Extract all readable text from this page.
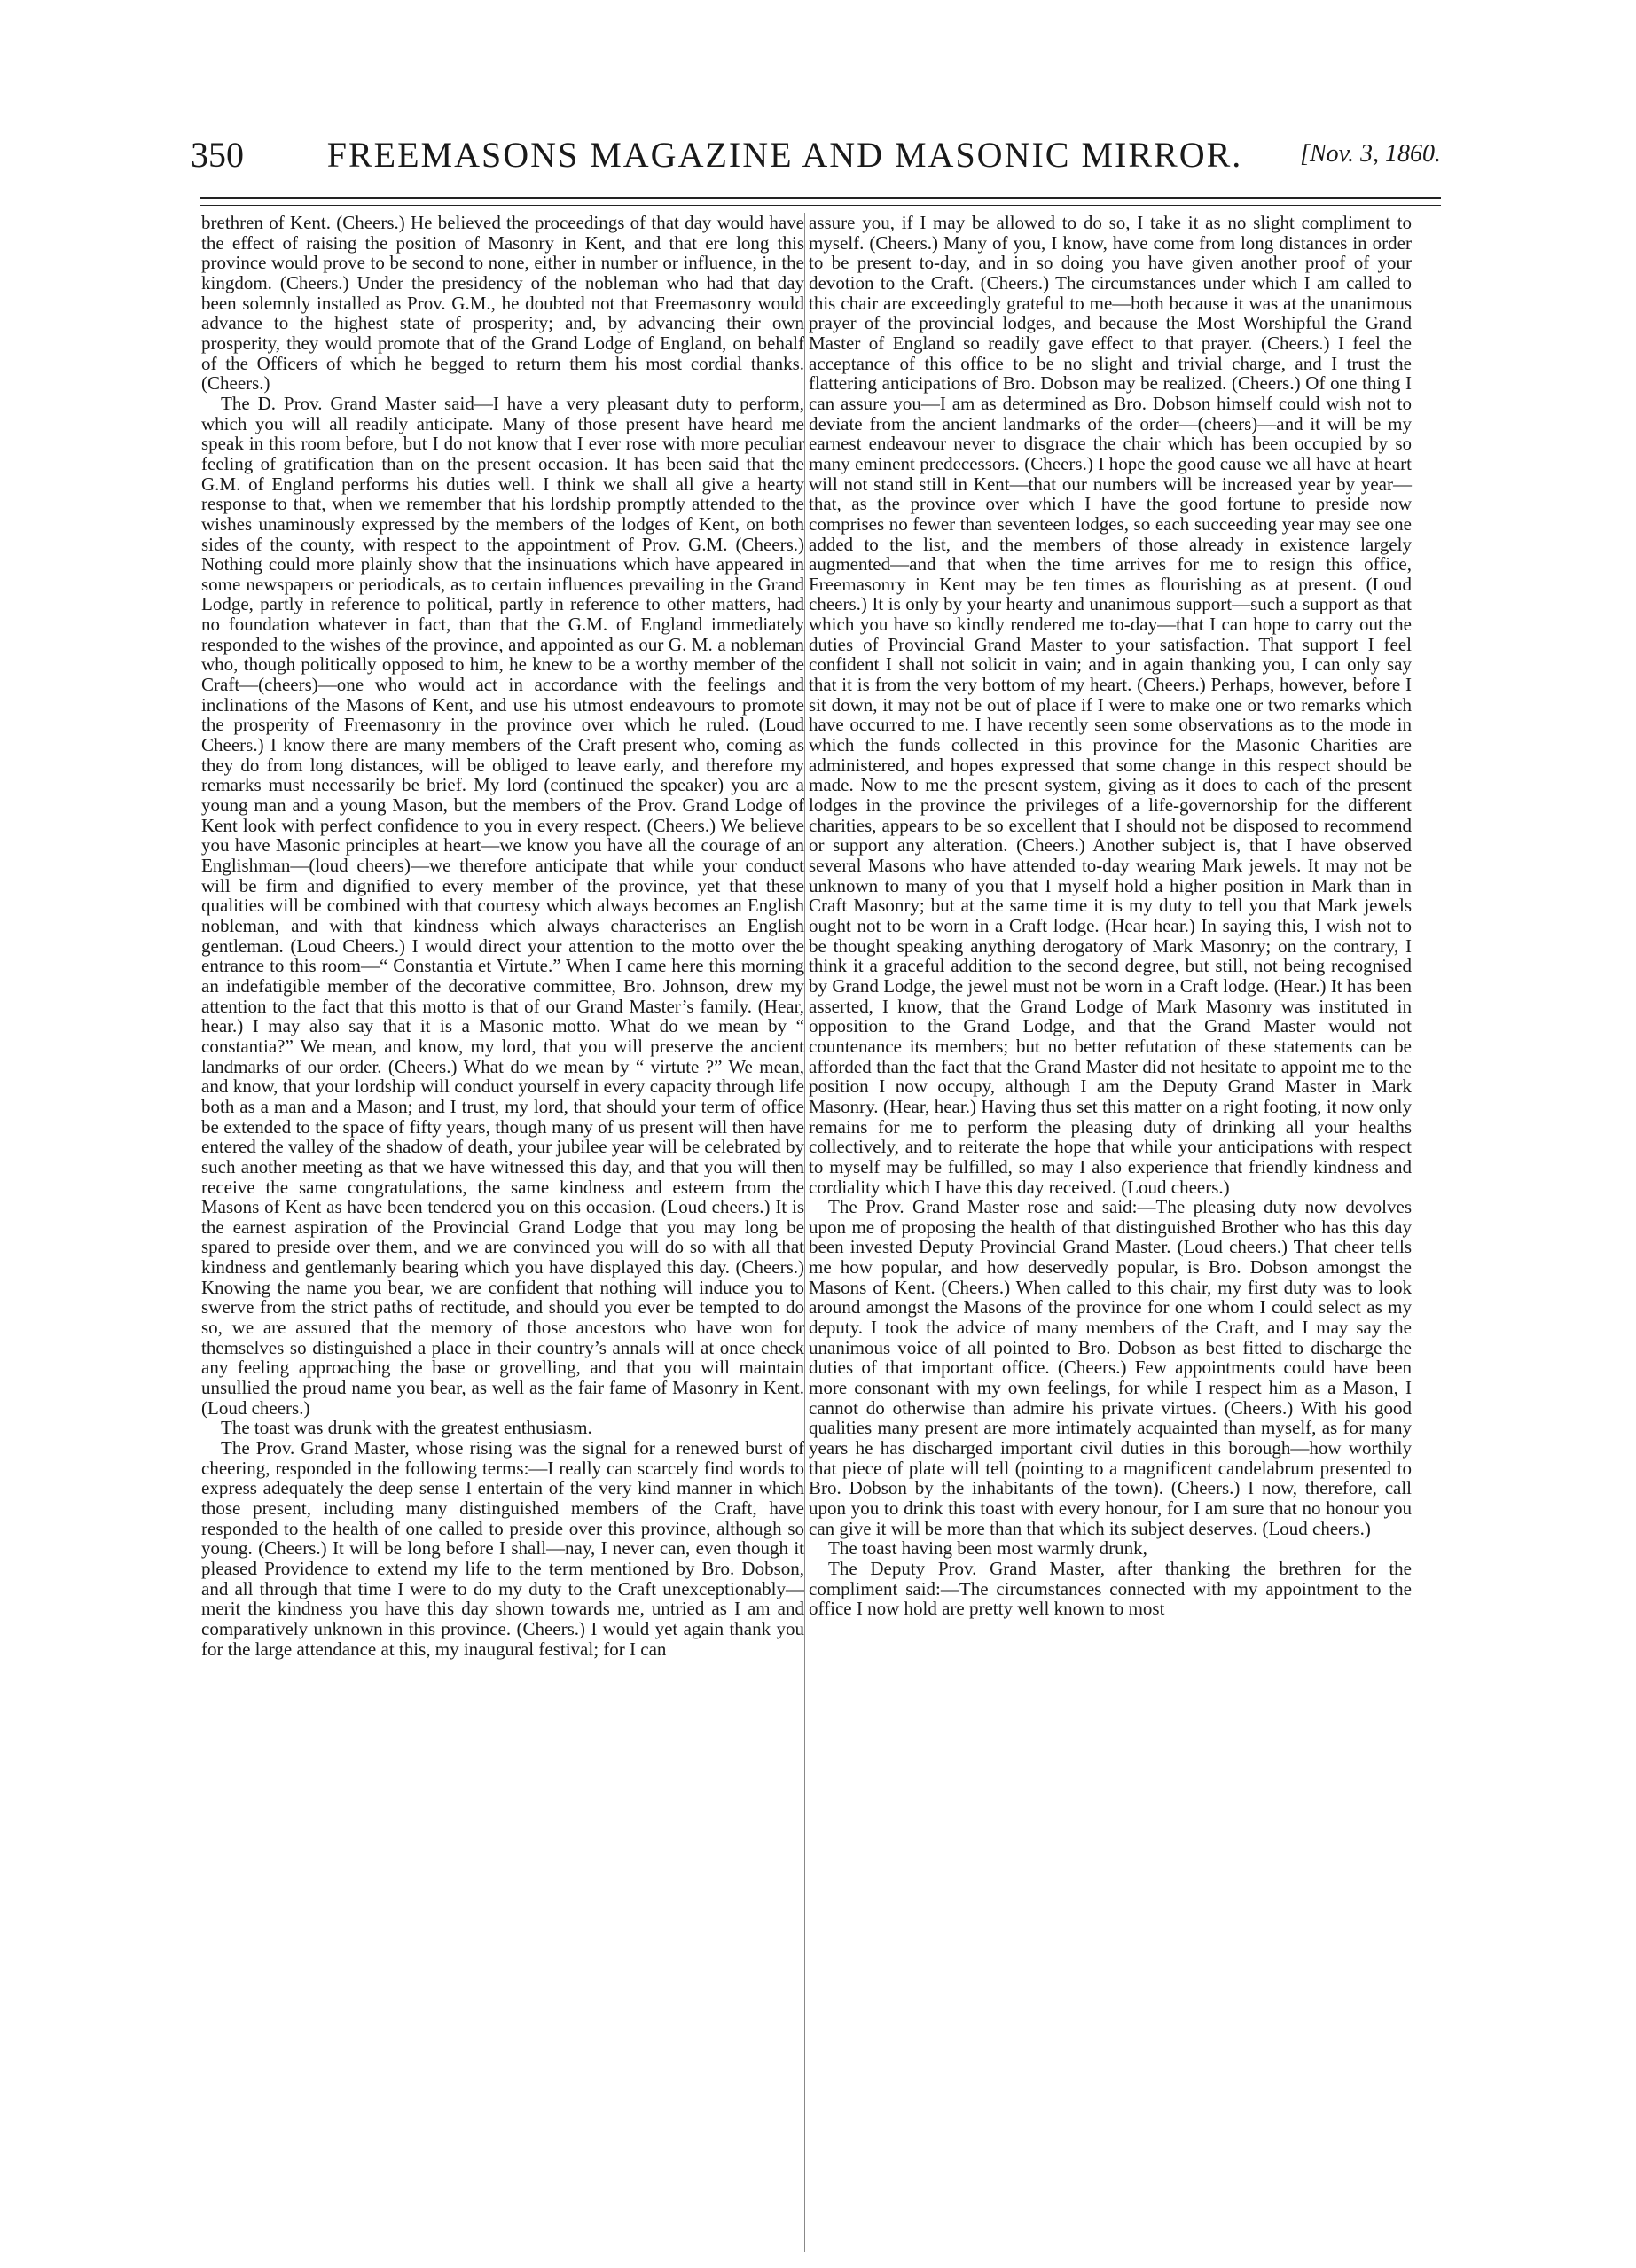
350	FREEMASONS MAGAZINE AND MASONIC MIRROR.	[Nov. 3, 1860.

brethren of Kent. (Cheers.) He believed the proceedings of that day would have the effect of raising the position of Masonry in Kent, and that ere long this province would prove to be second to none, either in number or influence, in the kingdom. (Cheers.) Under the presidency of the nobleman who had that day been solemnly installed as Prov. G.M., he doubted not that Freemasonry would advance to the highest state of prosperity; and, by advancing their own prosperity, they would promote that of the Grand Lodge of England, on behalf of the Officers of which he begged to return them his most cordial thanks. (Cheers.)

The D. Prov. Grand Master said—I have a very pleasant duty to perform, which you will all readily anticipate. Many of those present have heard me speak in this room before, but I do not know that I ever rose with more peculiar feeling of gratification than on the present occasion. It has been said that the G.M. of England performs his duties well. I think we shall all give a hearty response to that, when we remember that his lordship promptly attended to the wishes unaminously expressed by the members of the lodges of Kent, on both sides of the county, with respect to the appointment of Prov. G.M. (Cheers.) Nothing could more plainly show that the insinuations which have appeared in some newspapers or periodicals, as to certain influences prevailing in the Grand Lodge, partly in reference to political, partly in reference to other matters, had no foundation whatever in fact, than that the G.M. of England immediately responded to the wishes of the province, and appointed as our G. M. a nobleman who, though politically opposed to him, he knew to be a worthy member of the Craft—(cheers)—one who would act in accordance with the feelings and inclinations of the Masons of Kent, and use his utmost endeavours to promote the prosperity of Freemasonry in the province over which he ruled. (Loud Cheers.) I know there are many members of the Craft present who, coming as they do from long distances, will be obliged to leave early, and therefore my remarks must necessarily be brief. My lord (continued the speaker) you are a young man and a young Mason, but the members of the Prov. Grand Lodge of Kent look with perfect confidence to you in every respect. (Cheers.) We believe you have Masonic principles at heart—we know you have all the courage of an Englishman—(loud cheers)—we therefore anticipate that while your conduct will be firm and dignified to every member of the province, yet that these qualities will be combined with that courtesy which always becomes an English nobleman, and with that kindness which always characterises an English gentleman. (Loud Cheers.) I would direct your attention to the motto over the entrance to this room—“ Constantia et Virtute.” When I came here this morning an indefatigible member of the decorative committee, Bro. Johnson, drew my attention to the fact that this motto is that of our Grand Master’s family. (Hear, hear.) I may also say that it is a Masonic motto. What do we mean by “ constantia?” We mean, and know, my lord, that you will preserve the ancient landmarks of our order. (Cheers.) What do we mean by “ virtute ?” We mean, and know, that your lordship will conduct yourself in every capacity through life both as a man and a Mason; and I trust, my lord, that should your term of office be extended to the space of fifty years, though many of us present will then have entered the valley of the shadow of death, your jubilee year will be celebrated by such another meeting as that we have witnessed this day, and that you will then receive the same congratulations, the same kindness and esteem from the Masons of Kent as have been tendered you on this occasion. (Loud cheers.) It is the earnest aspiration of the Provincial Grand Lodge that you may long be spared to preside over them, and we are convinced you will do so with all that kindness and gentlemanly bearing which you have displayed this day. (Cheers.) Knowing the name you bear, we are confident that nothing will induce you to swerve from the strict paths of rectitude, and should you ever be tempted to do so, we are assured that the memory of those ancestors who have won for themselves so distinguished a place in their country’s annals will at once check any feeling approaching the base or grovelling, and that you will maintain unsullied the proud name you bear, as well as the fair fame of Masonry in Kent. (Loud cheers.)

The toast was drunk with the greatest enthusiasm.

The Prov. Grand Master, whose rising was the signal for a renewed burst of cheering, responded in the following terms:—I really can scarcely find words to express adequately the deep sense I entertain of the very kind manner in which those present, including many distinguished members of the Craft, have responded to the health of one called to preside over this province, although so young. (Cheers.) It will be long before I shall—nay, I never can, even though it pleased Providence to extend my life to the term mentioned by Bro. Dobson, and all through that time I were to do my duty to the Craft unexceptionably—merit the kindness you have this day shown towards me, untried as I am and comparatively unknown in this province. (Cheers.) I would yet again thank you for the large attendance at this, my inaugural festival; for I can

assure you, if I may be allowed to do so, I take it as no slight compliment to myself. (Cheers.) Many of you, I know, have come from long distances in order to be present to-day, and in so doing you have given another proof of your devotion to the Craft. (Cheers.) The circumstances under which I am called to this chair are exceedingly grateful to me—both because it was at the unanimous prayer of the provincial lodges, and because the Most Worshipful the Grand Master of England so readily gave effect to that prayer. (Cheers.) I feel the acceptance of this office to be no slight and trivial charge, and I trust the flattering anticipations of Bro. Dobson may be realized. (Cheers.) Of one thing I can assure you—I am as determined as Bro. Dobson himself could wish not to deviate from the ancient landmarks of the order—(cheers)—and it will be my earnest endeavour never to disgrace the chair which has been occupied by so many eminent predecessors. (Cheers.) I hope the good cause we all have at heart will not stand still in Kent—that our numbers will be increased year by year—that, as the province over which I have the good fortune to preside now comprises no fewer than seventeen lodges, so each succeeding year may see one added to the list, and the members of those already in existence largely augmented—and that when the time arrives for me to resign this office, Freemasonry in Kent may be ten times as flourishing as at present. (Loud cheers.) It is only by your hearty and unanimous support—such a support as that which you have so kindly rendered me to-day—that I can hope to carry out the duties of Provincial Grand Master to your satisfaction. That support I feel confident I shall not solicit in vain; and in again thanking you, I can only say that it is from the very bottom of my heart. (Cheers.) Perhaps, however, before I sit down, it may not be out of place if I were to make one or two remarks which have occurred to me. I have recently seen some observations as to the mode in which the funds collected in this province for the Masonic Charities are administered, and hopes expressed that some change in this respect should be made. Now to me the present system, giving as it does to each of the present lodges in the province the privileges of a life-governorship for the different charities, appears to be so excellent that I should not be disposed to recommend or support any alteration. (Cheers.) Another subject is, that I have observed several Masons who have attended to-day wearing Mark jewels. It may not be unknown to many of you that I myself hold a higher position in Mark than in Craft Masonry; but at the same time it is my duty to tell you that Mark jewels ought not to be worn in a Craft lodge. (Hear hear.) In saying this, I wish not to be thought speaking anything derogatory of Mark Masonry; on the contrary, I think it a graceful addition to the second degree, but still, not being recognised by Grand Lodge, the jewel must not be worn in a Craft lodge. (Hear.) It has been asserted, I know, that the Grand Lodge of Mark Masonry was instituted in opposition to the Grand Lodge, and that the Grand Master would not countenance its members; but no better refutation of these statements can be afforded than the fact that the Grand Master did not hesitate to appoint me to the position I now occupy, although I am the Deputy Grand Master in Mark Masonry. (Hear, hear.) Having thus set this matter on a right footing, it now only remains for me to perform the pleasing duty of drinking all your healths collectively, and to reiterate the hope that while your anticipations with respect to myself may be fulfilled, so may I also experience that friendly kindness and cordiality which I have this day received. (Loud cheers.)

The Prov. Grand Master rose and said:—The pleasing duty now devolves upon me of proposing the health of that distinguished Brother who has this day been invested Deputy Provincial Grand Master. (Loud cheers.) That cheer tells me how popular, and how deservedly popular, is Bro. Dobson amongst the Masons of Kent. (Cheers.) When called to this chair, my first duty was to look around amongst the Masons of the province for one whom I could select as my deputy. I took the advice of many members of the Craft, and I may say the unanimous voice of all pointed to Bro. Dobson as best fitted to discharge the duties of that important office. (Cheers.) Few appointments could have been more consonant with my own feelings, for while I respect him as a Mason, I cannot do otherwise than admire his private virtues. (Cheers.) With his good qualities many present are more intimately acquainted than myself, as for many years he has discharged important civil duties in this borough—how worthily that piece of plate will tell (pointing to a magnificent candelabrum presented to Bro. Dobson by the inhabitants of the town). (Cheers.) I now, therefore, call upon you to drink this toast with every honour, for I am sure that no honour you can give it will be more than that which its subject deserves. (Loud cheers.)

The toast having been most warmly drunk,

The Deputy Prov. Grand Master, after thanking the brethren for the compliment said:—The circumstances connected with my appointment to the office I now hold are pretty well known to most
